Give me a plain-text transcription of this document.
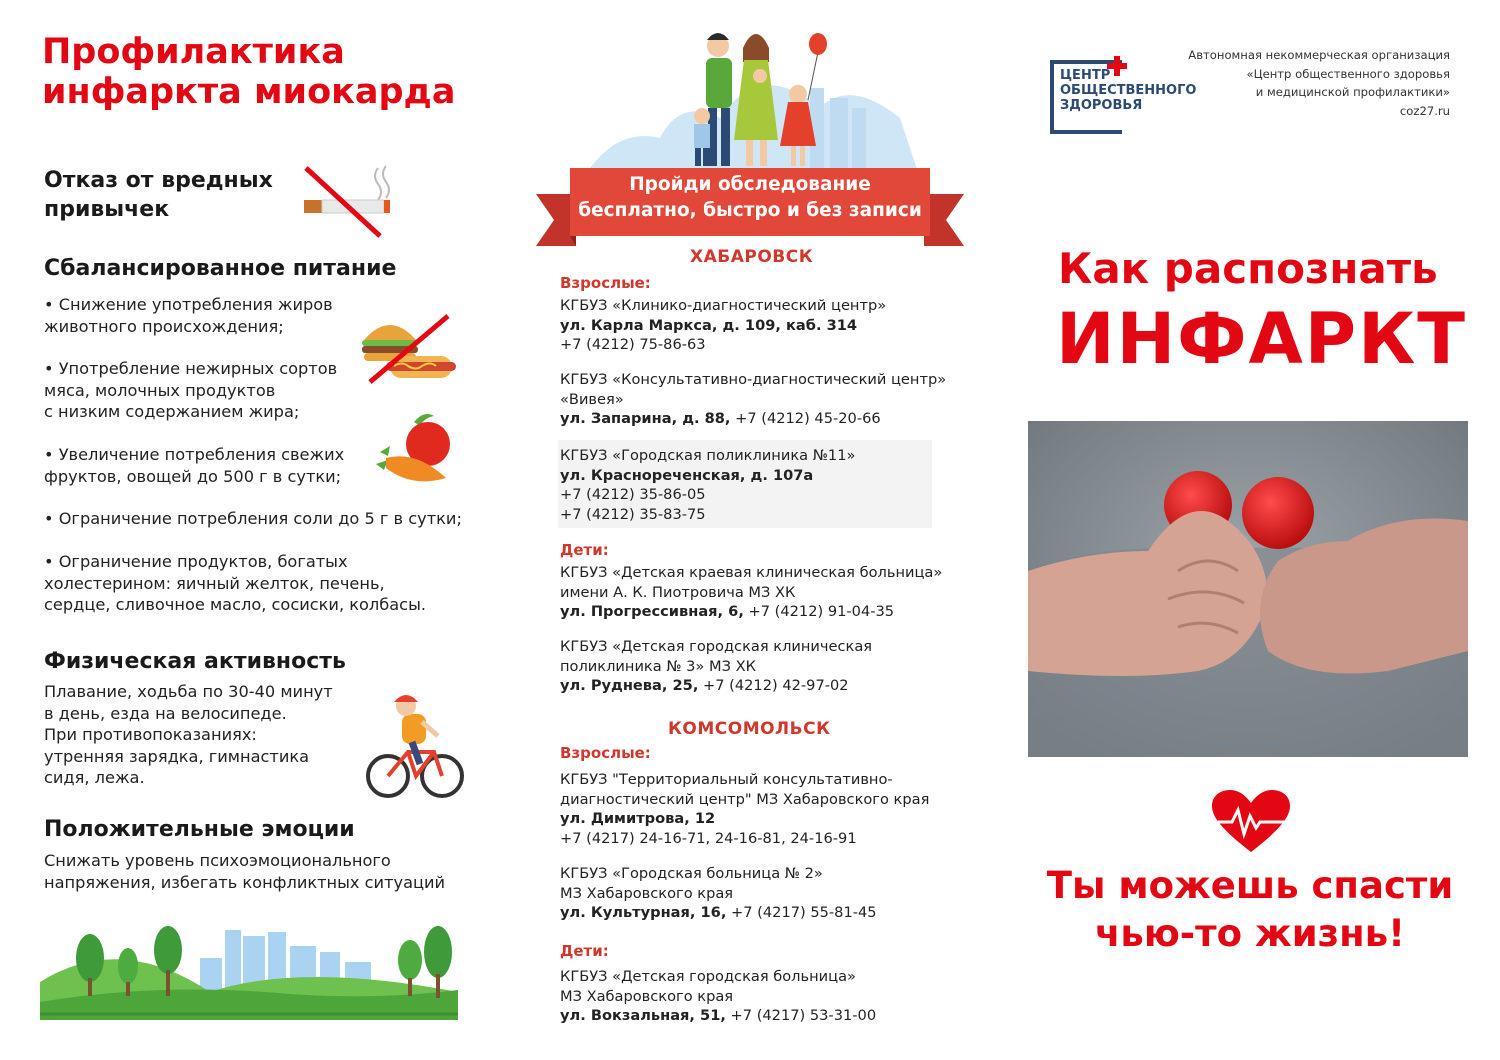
Профилактика
инфаркта миокарда
Отказ от вредных
привычек
Сбалансированное питание
• Снижение употребления жиров
животного происхождения;
• Употребление нежирных сортов
мяса, молочных продуктов
с низким содержанием жира;
• Увеличение потребления свежих
фруктов, овощей до 500 г в сутки;
• Ограничение потребления соли до 5 г в сутки;
• Ограничение продуктов, богатых
холестерином: яичный желток, печень,
сердце, сливочное масло, сосиски, колбасы.
Физическая активность
Плавание, ходьба по 30-40 минут
в день, езда на велосипеде.
При противопоказаниях:
утренняя зарядка, гимнастика
сидя, лежа.
Положительные эмоции
Снижать уровень психоэмоционального
напряжения, избегать конфликтных ситуаций
Пройди обследование
бесплатно, быстро и без записи
ХАБАРОВСК
Взрослые:
КГБУЗ «Клинико-диагностический центр»
ул. Карла Маркса, д. 109, каб. 314
+7 (4212) 75-86-63
КГБУЗ «Консультативно-диагностический центр»
«Вивея»
ул. Запарина, д. 88, +7 (4212) 45-20-66
КГБУЗ «Городская поликлиника №11»
ул. Краснореченская, д. 107а
+7 (4212) 35-86-05
+7 (4212) 35-83-75
Дети:
КГБУЗ «Детская краевая клиническая больница»
имени А. К. Пиотровича МЗ ХК
ул. Прогрессивная, 6, +7 (4212) 91-04-35
КГБУЗ «Детская городская клиническая
поликлиника № 3» МЗ ХК
ул. Руднева, 25, +7 (4212) 42-97-02
КОМСОМОЛЬСК
Взрослые:
КГБУЗ "Территориальный консультативно-
диагностический центр" МЗ Хабаровского края
ул. Димитрова, 12
+7 (4217) 24-16-71, 24-16-81, 24-16-91
КГБУЗ «Городская больница № 2»
МЗ Хабаровского края
ул. Культурная, 16, +7 (4217) 55-81-45
Дети:
КГБУЗ «Детская городская больница»
МЗ Хабаровского края
ул. Вокзальная, 51, +7 (4217) 53-31-00
ЦЕНТР
ОБЩЕСТВЕННОГО
ЗДОРОВЬЯ
Автономная некоммерческая организация
«Центр общественного здоровья
и медицинской профилактики»
coz27.ru
Как распознать
ИНФАРКТ
Ты можешь спасти
чью-то жизнь!
